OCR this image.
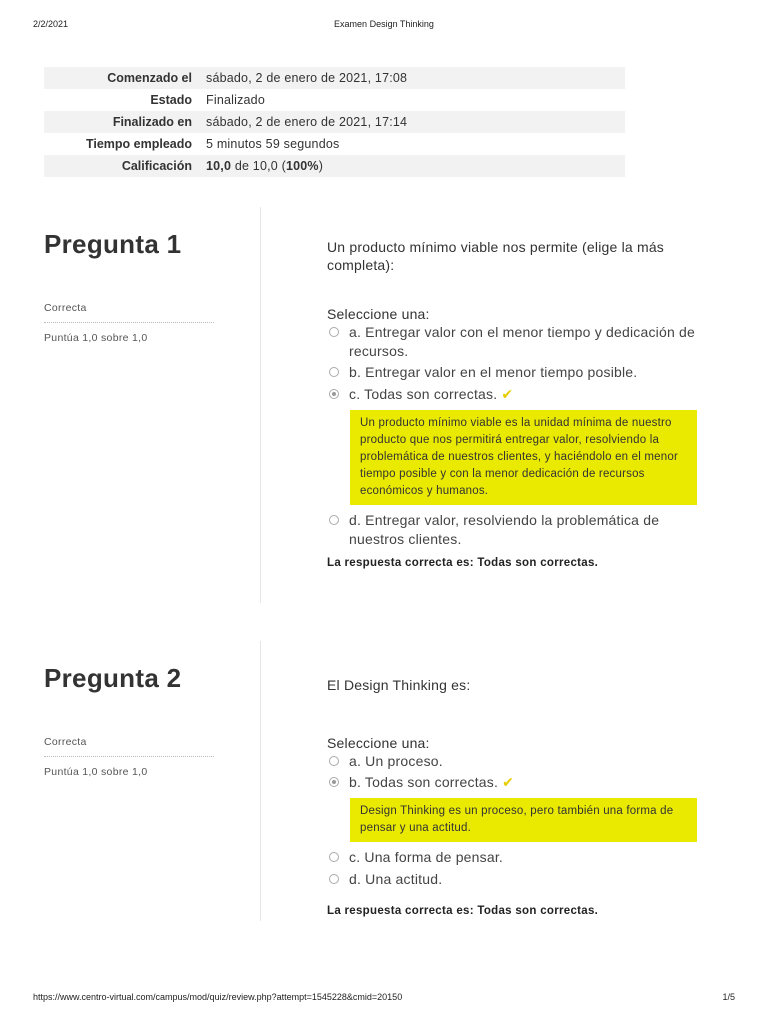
2/2/2021	Examen Design Thinking
Comenzado el	sábado, 2 de enero de 2021, 17:08
Estado	Finalizado
Finalizado en	sábado, 2 de enero de 2021, 17:14
Tiempo empleado	5 minutos 59 segundos
Calificación	10,0 de 10,0 (100%)
Pregunta 1
Correcta
Puntúa 1,0 sobre 1,0
Un producto mínimo viable nos permite (elige la más completa):
Seleccione una:
a. Entregar valor con el menor tiempo y dedicación de recursos.
b. Entregar valor en el menor tiempo posible.
c. Todas son correctas. ✔
Un producto mínimo viable es la unidad mínima de nuestro producto que nos permitirá entregar valor, resolviendo la problemática de nuestros clientes, y haciéndolo en el menor tiempo posible y con la menor dedicación de recursos económicos y humanos.
d. Entregar valor, resolviendo la problemática de nuestros clientes.
La respuesta correcta es: Todas son correctas.
Pregunta 2
Correcta
Puntúa 1,0 sobre 1,0
El Design Thinking es:
Seleccione una:
a. Un proceso.
b. Todas son correctas. ✔
Design Thinking es un proceso, pero también una forma de pensar y una actitud.
c. Una forma de pensar.
d. Una actitud.
La respuesta correcta es: Todas son correctas.
https://www.centro-virtual.com/campus/mod/quiz/review.php?attempt=1545228&cmid=20150	1/5
